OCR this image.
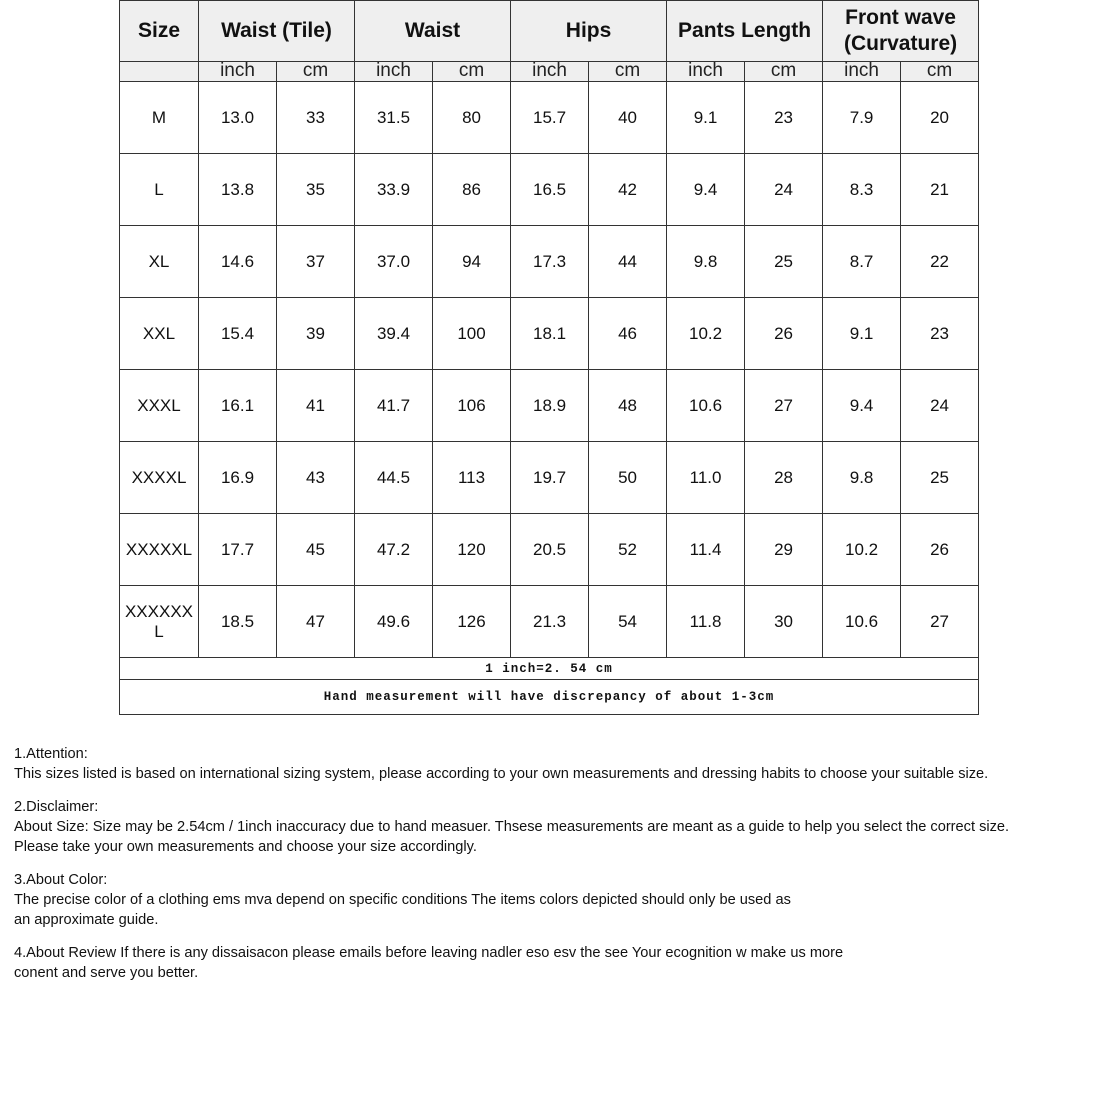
Size	Waist (Tile)		Waist		Hips		Pants Length		Front wave (Curvature)	
	inch	cm	inch	cm	inch	cm	inch	cm	inch	cm
M	13.0	33	31.5	80	15.7	40	9.1	23	7.9	20
L	13.8	35	33.9	86	16.5	42	9.4	24	8.3	21
XL	14.6	37	37.0	94	17.3	44	9.8	25	8.7	22
XXL	15.4	39	39.4	100	18.1	46	10.2	26	9.1	23
XXXL	16.1	41	41.7	106	18.9	48	10.6	27	9.4	24
XXXXL	16.9	43	44.5	113	19.7	50	11.0	28	9.8	25
XXXXXL	17.7	45	47.2	120	20.5	52	11.4	29	10.2	26
XXXXXXL	18.5	47	49.6	126	21.3	54	11.8	30	10.6	27
1 inch=2. 54 cm										
Hand measurement will have discrepancy of about 1-3cm										
1.Attention:
This sizes listed is based on international sizing system, please according to your own measurements and dressing habits to choose your suitable size.
2.Disclaimer:
About Size: Size may be 2.54cm / 1inch inaccuracy due to hand measuer. Thsese measurements are meant as a guide to help you select the correct size.
Please take your own measurements and choose your size accordingly.
3.About Color:
The precise color of a clothing ems mva depend on specific conditions The items colors depicted should only be used as
an approximate guide.
4.About Review If there is any dissaisacon please emails before leaving nadler eso esv the see Your ecognition w make us more
conent and serve you better.
